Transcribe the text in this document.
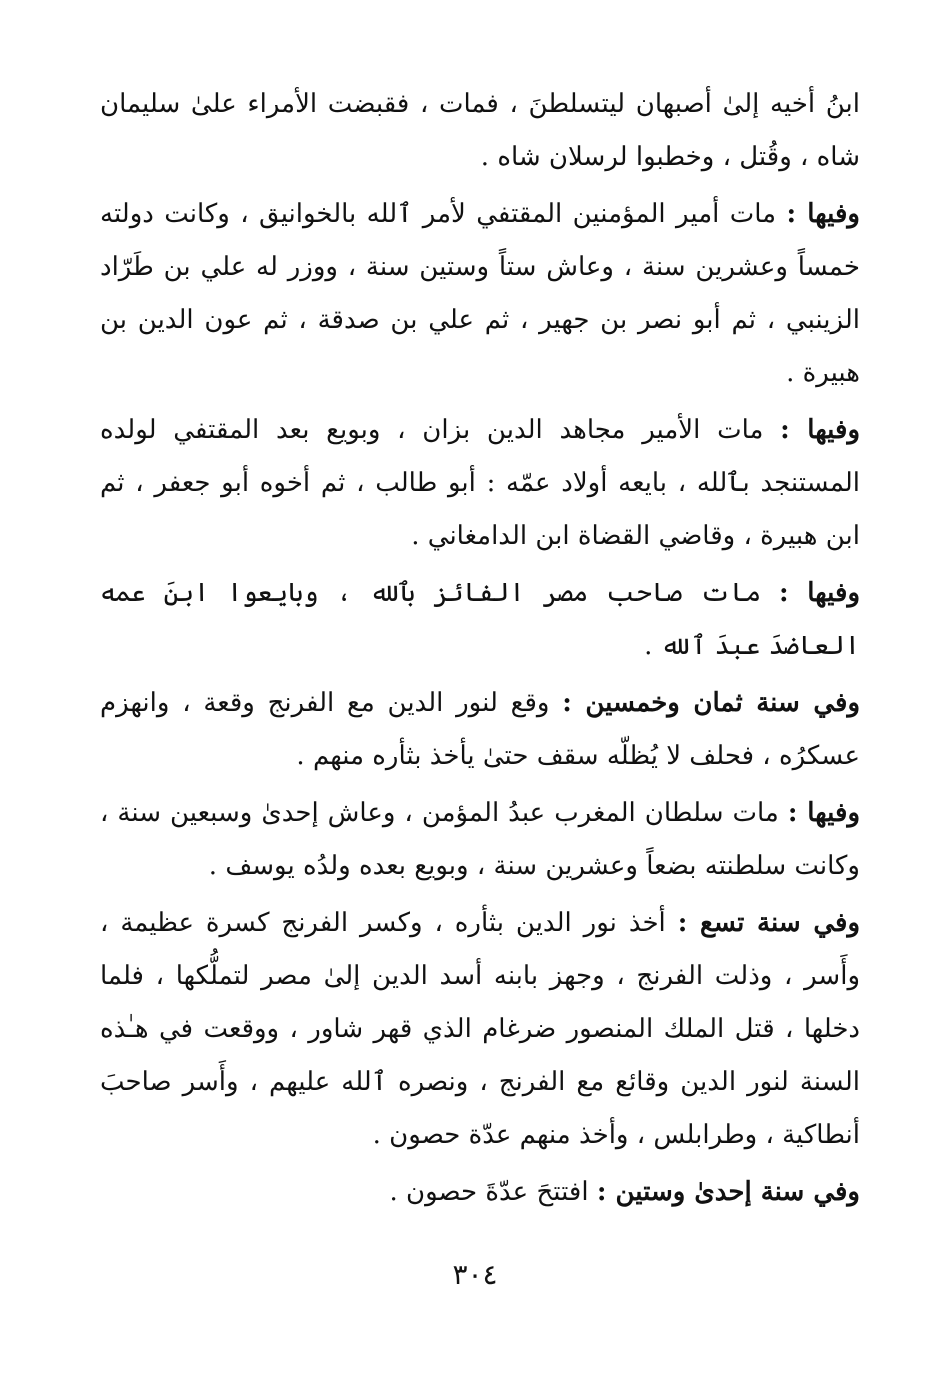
ابنُ أخيه إلىٰ أصبهان ليتسلطنَ ، فمات ، فقبضت الأمراء علىٰ سليمان شاه ، وقُتل ، وخطبوا لرسلان شاه .

وفيها : مات أمير المؤمنين المقتفي لأمر ٱلله بالخوانيق ، وكانت دولته خمساً وعشرين سنة ، وعاش ستاً وستين سنة ، ووزر له علي بن طَرّاد الزينبي ، ثم أبو نصر بن جهير ، ثم علي بن صدقة ، ثم عون الدين بن هبيرة .

وفيها : مات الأمير مجاهد الدين بزان ، وبويع بعد المقتفي لولده المستنجد بٱلله ، بايعه أولاد عمّه : أبو طالب ، ثم أخوه أبو جعفر ، ثم ابن هبيرة ، وقاضي القضاة ابن الدامغاني .

وفيها : مات صاحب مصر الفائز بٱلله ، وبايعوا ابنَ عمه العاضدَ عبدَ ٱلله .

وفي سنة ثمان وخمسين : وقع لنور الدين مع الفرنج وقعة ، وانهزم عسكرُه ، فحلف لا يُظلّه سقف حتىٰ يأخذ بثأره منهم .

وفيها : مات سلطان المغرب عبدُ المؤمن ، وعاش إحدىٰ وسبعين سنة ، وكانت سلطنته بضعاً وعشرين سنة ، وبويع بعده ولدُه يوسف .

وفي سنة تسع : أخذ نور الدين بثأره ، وكسر الفرنج كسرة عظيمة ، وأَسر ، وذلت الفرنج ، وجهز بابنه أسد الدين إلىٰ مصر لتملُّكها ، فلما دخلها ، قتل الملك المنصور ضرغام الذي قهر شاور ، ووقعت في هـٰذه السنة لنور الدين وقائع مع الفرنج ، ونصره ٱلله عليهم ، وأَسر صاحبَ أنطاكية ، وطرابلس ، وأخذ منهم عدّة حصون .

وفي سنة إحدىٰ وستين : افتتحَ عدّةَ حصون .

٣٠٤
